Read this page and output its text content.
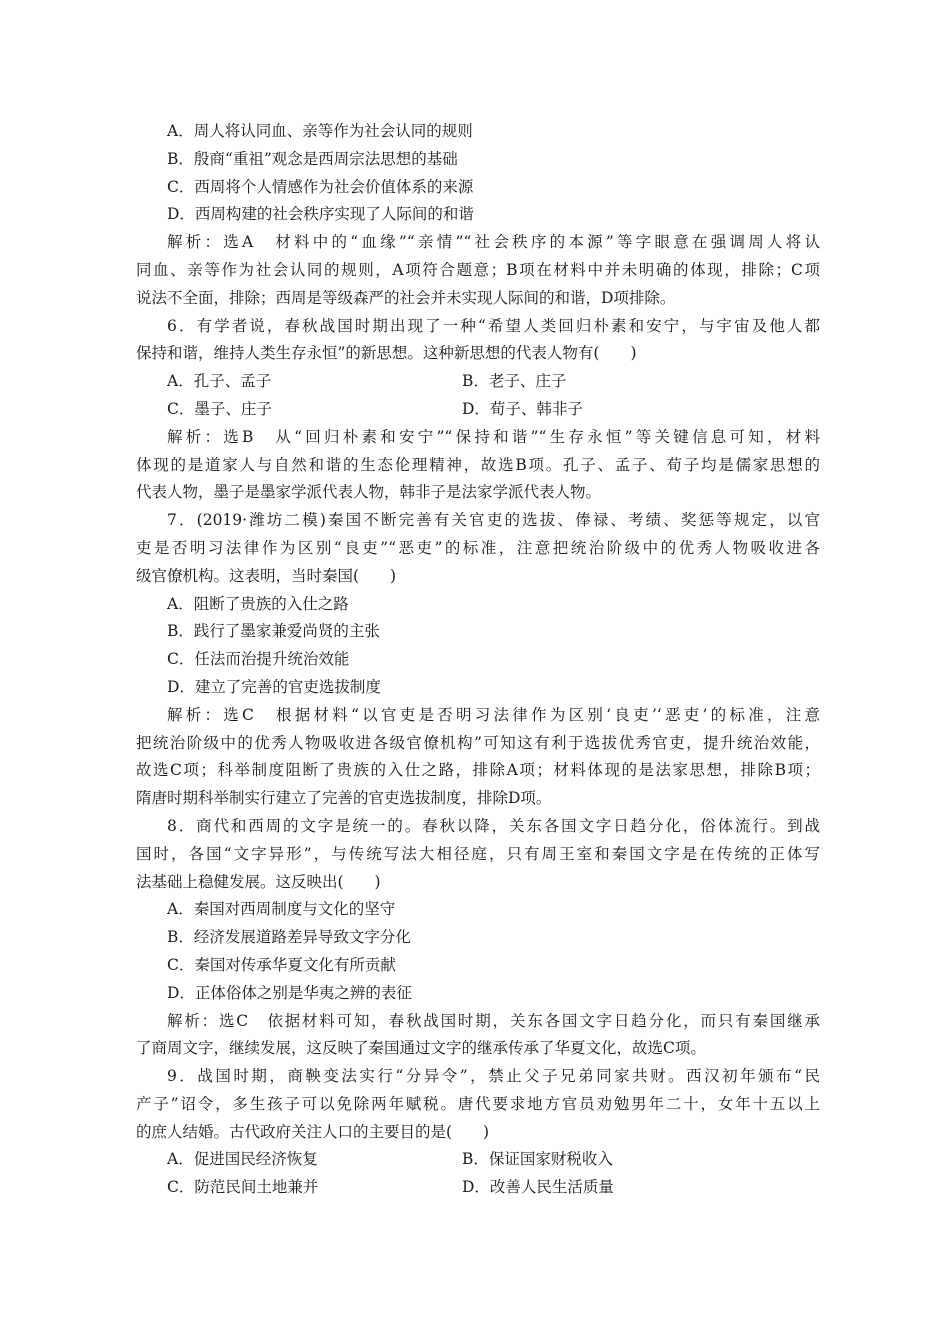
A．周人将认同血、亲等作为社会认同的规则
B．殷商“重祖”观念是西周宗法思想的基础
C．西周将个人情感作为社会价值体系的来源
D．西周构建的社会秩序实现了人际间的和谐
解析：选A　材料中的“血缘”“亲情”“社会秩序的本源”等字眼意在强调周人将认
同血、亲等作为社会认同的规则，A项符合题意；B项在材料中并未明确的体现，排除；C项
说法不全面，排除；西周是等级森严的社会并未实现人际间的和谐，D项排除。
6．有学者说，春秋战国时期出现了一种“希望人类回归朴素和安宁，与宇宙及他人都
保持和谐，维持人类生存永恒”的新思想。这种新思想的代表人物有(　　)
A．孔子、孟子	B．老子、庄子
C．墨子、庄子	D．荀子、韩非子
解析：选B　从“回归朴素和安宁”“保持和谐”“生存永恒”等关键信息可知，材料
体现的是道家人与自然和谐的生态伦理精神，故选B项。孔子、孟子、荀子均是儒家思想的
代表人物，墨子是墨家学派代表人物，韩非子是法家学派代表人物。
7．(2019·潍坊二模)秦国不断完善有关官吏的选拔、俸禄、考绩、奖惩等规定，以官
吏是否明习法律作为区别“良吏”“恶吏”的标准，注意把统治阶级中的优秀人物吸收进各
级官僚机构。这表明，当时秦国(　　)
A．阻断了贵族的入仕之路
B．践行了墨家兼爱尚贤的主张
C．任法而治提升统治效能
D．建立了完善的官吏选拔制度
解析：选C　根据材料“以官吏是否明习法律作为区别‘良吏’‘恶吏’的标准，注意
把统治阶级中的优秀人物吸收进各级官僚机构”可知这有利于选拔优秀官吏，提升统治效能，
故选C项；科举制度阻断了贵族的入仕之路，排除A项；材料体现的是法家思想，排除B项；
隋唐时期科举制实行建立了完善的官吏选拔制度，排除D项。
8．商代和西周的文字是统一的。春秋以降，关东各国文字日趋分化，俗体流行。到战
国时，各国“文字异形”，与传统写法大相径庭，只有周王室和秦国文字是在传统的正体写
法基础上稳健发展。这反映出(　　)
A．秦国对西周制度与文化的坚守
B．经济发展道路差异导致文字分化
C．秦国对传承华夏文化有所贡献
D．正体俗体之别是华夷之辨的表征
解析：选C　依据材料可知，春秋战国时期，关东各国文字日趋分化，而只有秦国继承
了商周文字，继续发展，这反映了秦国通过文字的继承传承了华夏文化，故选C项。
9．战国时期，商鞅变法实行“分异令”，禁止父子兄弟同家共财。西汉初年颁布“民
产子”诏令，多生孩子可以免除两年赋税。唐代要求地方官员劝勉男年二十，女年十五以上
的庶人结婚。古代政府关注人口的主要目的是(　　)
A．促进国民经济恢复	B．保证国家财税收入
C．防范民间土地兼并	D．改善人民生活质量
